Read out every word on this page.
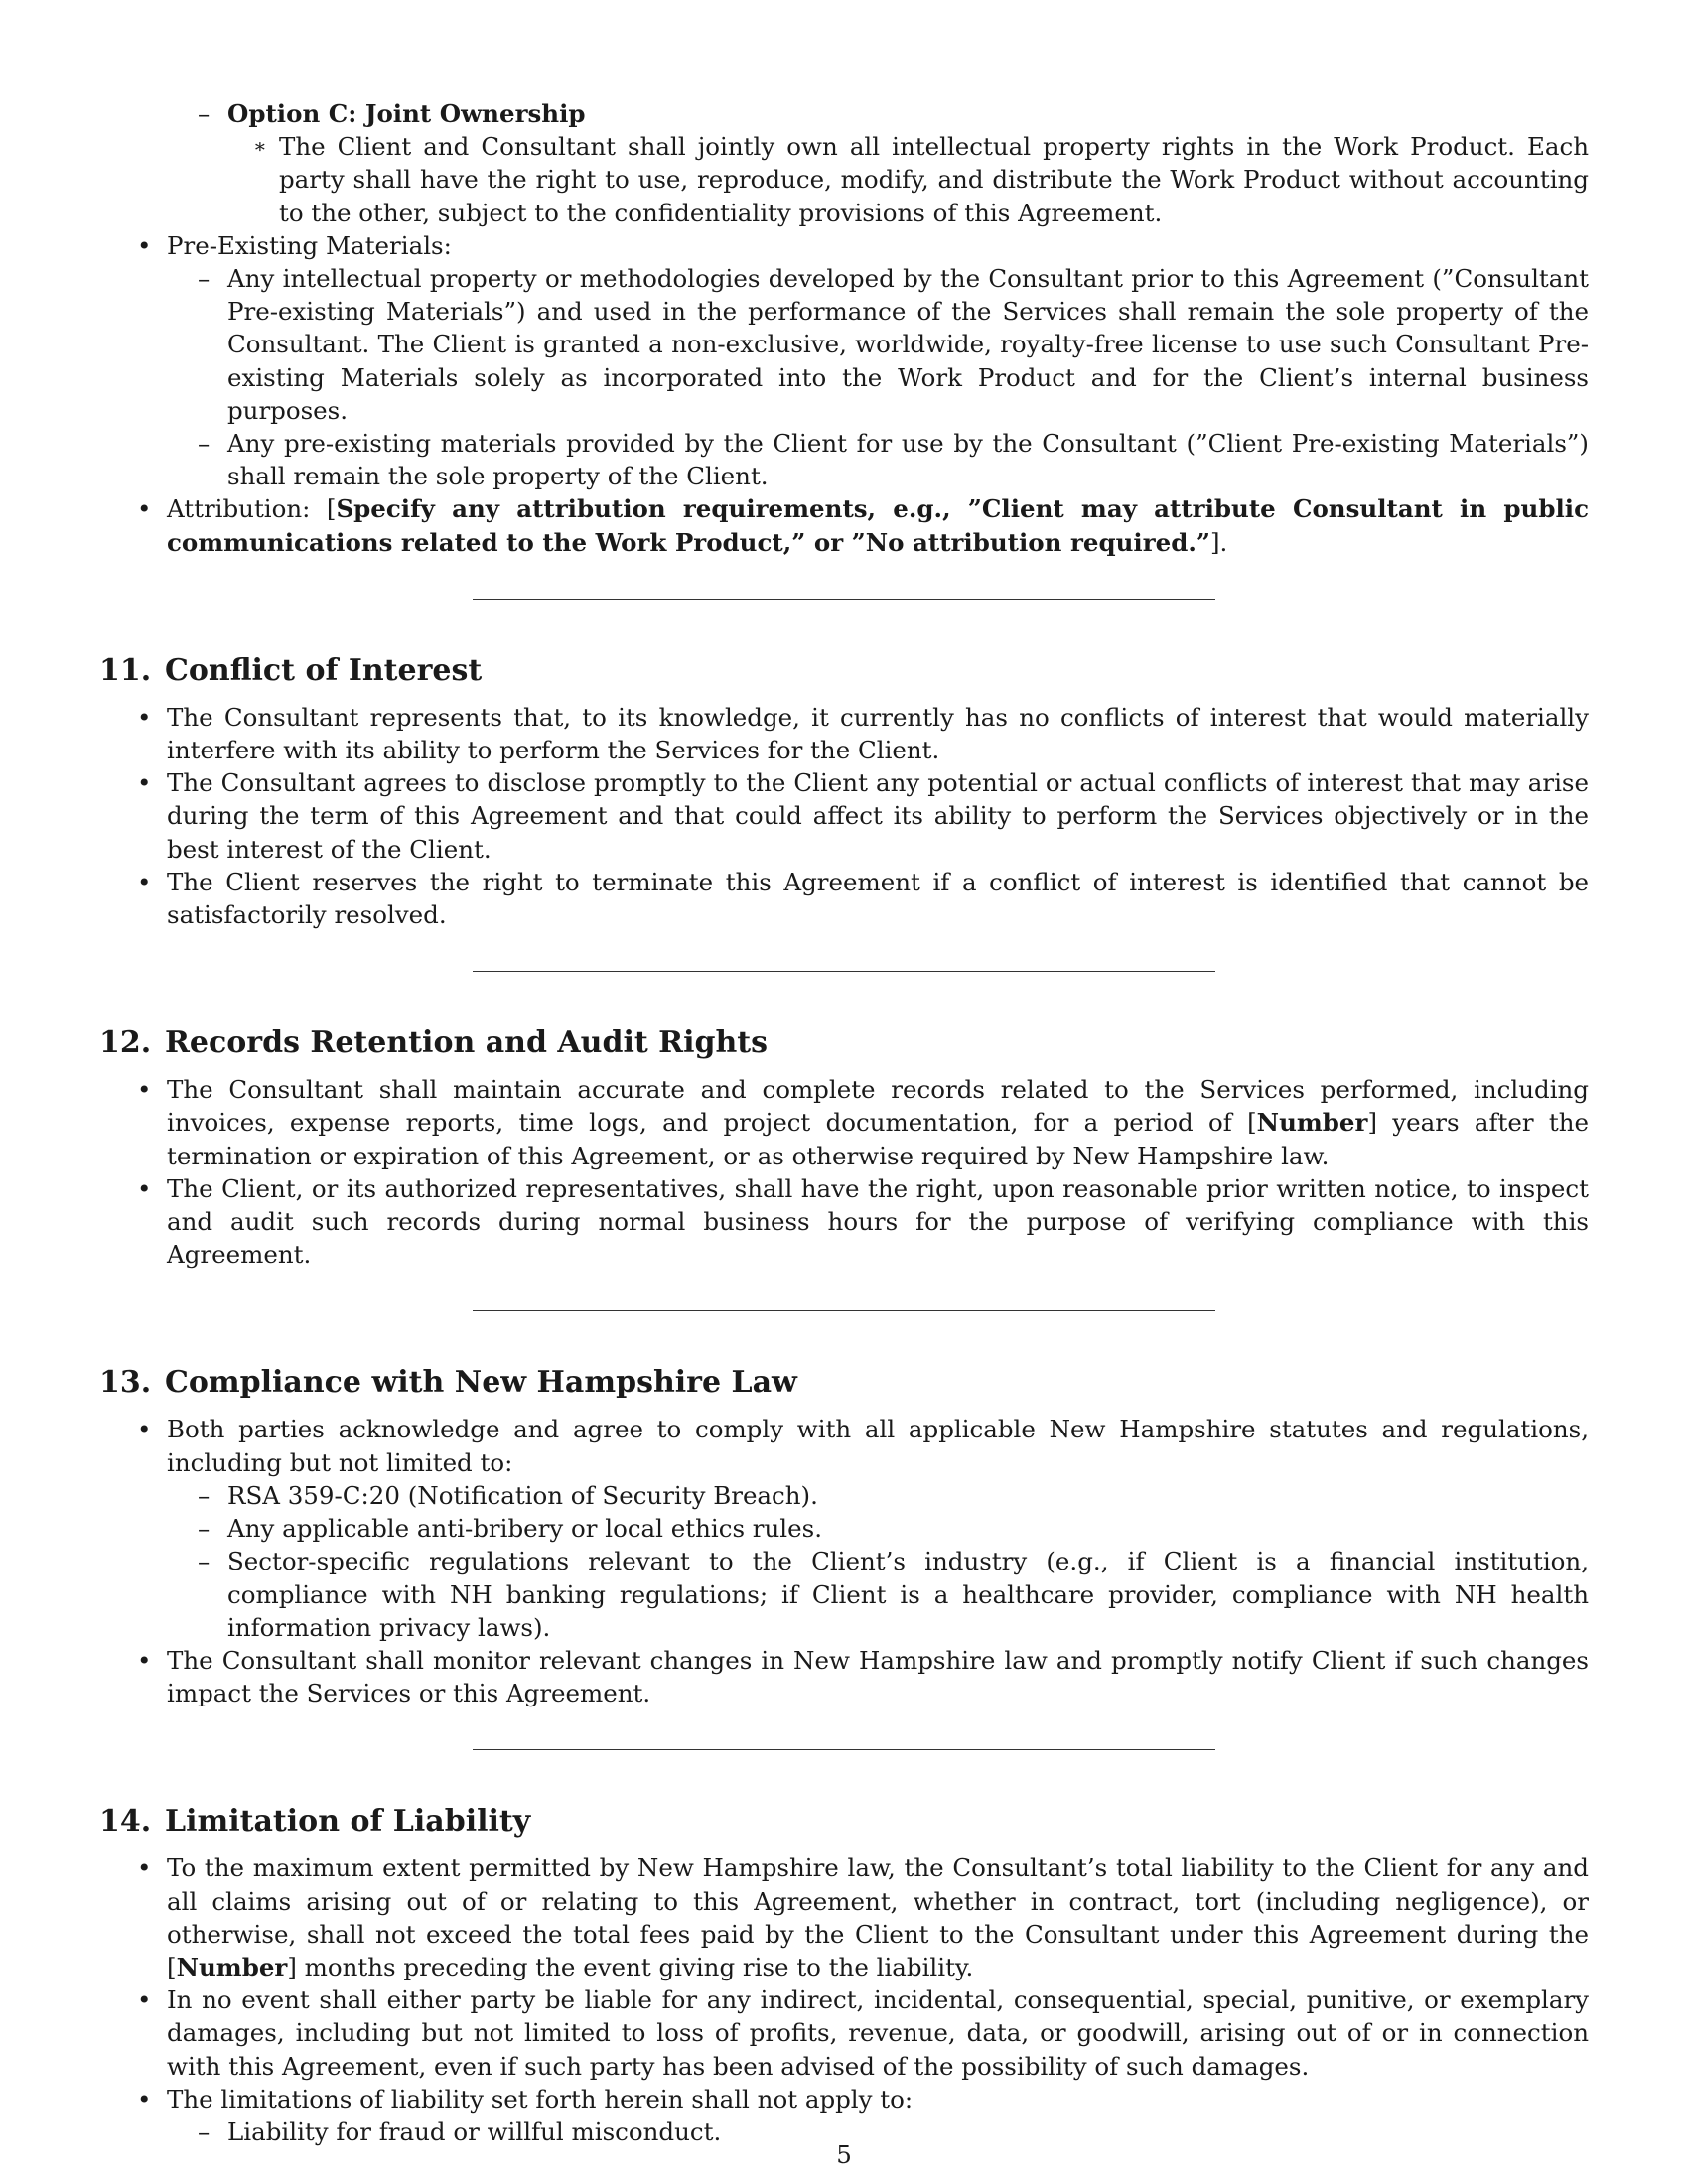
– Option C: Joint Ownership
∗ The Client and Consultant shall jointly own all intellectual property rights in the Work Product. Each party shall have the right to use, reproduce, modify, and distribute the Work Product without accounting to the other, subject to the confidentiality provisions of this Agreement.
• Pre-Existing Materials:
– Any intellectual property or methodologies developed by the Consultant prior to this Agreement (”Consultant Pre-existing Materials”) and used in the performance of the Services shall remain the sole property of the Consultant. The Client is granted a non-exclusive, worldwide, royalty-free license to use such Consultant Pre-existing Materials solely as incorporated into the Work Product and for the Client’s internal business purposes.
– Any pre-existing materials provided by the Client for use by the Consultant (”Client Pre-existing Materials”) shall remain the sole property of the Client.
• Attribution: [Specify any attribution requirements, e.g., ”Client may attribute Consultant in public communications related to the Work Product,” or ”No attribution required.”].
11. Conflict of Interest
• The Consultant represents that, to its knowledge, it currently has no conflicts of interest that would materially interfere with its ability to perform the Services for the Client.
• The Consultant agrees to disclose promptly to the Client any potential or actual conflicts of interest that may arise during the term of this Agreement and that could affect its ability to perform the Services objectively or in the best interest of the Client.
• The Client reserves the right to terminate this Agreement if a conflict of interest is identified that cannot be satisfactorily resolved.
12. Records Retention and Audit Rights
• The Consultant shall maintain accurate and complete records related to the Services performed, including invoices, expense reports, time logs, and project documentation, for a period of [Number] years after the termination or expiration of this Agreement, or as otherwise required by New Hampshire law.
• The Client, or its authorized representatives, shall have the right, upon reasonable prior written notice, to inspect and audit such records during normal business hours for the purpose of verifying compliance with this Agreement.
13. Compliance with New Hampshire Law
• Both parties acknowledge and agree to comply with all applicable New Hampshire statutes and regulations, including but not limited to:
– RSA 359-C:20 (Notification of Security Breach).
– Any applicable anti-bribery or local ethics rules.
– Sector-specific regulations relevant to the Client’s industry (e.g., if Client is a financial institution, compliance with NH banking regulations; if Client is a healthcare provider, compliance with NH health information privacy laws).
• The Consultant shall monitor relevant changes in New Hampshire law and promptly notify Client if such changes impact the Services or this Agreement.
14. Limitation of Liability
• To the maximum extent permitted by New Hampshire law, the Consultant’s total liability to the Client for any and all claims arising out of or relating to this Agreement, whether in contract, tort (including negligence), or otherwise, shall not exceed the total fees paid by the Client to the Consultant under this Agreement during the [Number] months preceding the event giving rise to the liability.
• In no event shall either party be liable for any indirect, incidental, consequential, special, punitive, or exemplary damages, including but not limited to loss of profits, revenue, data, or goodwill, arising out of or in connection with this Agreement, even if such party has been advised of the possibility of such damages.
• The limitations of liability set forth herein shall not apply to:
– Liability for fraud or willful misconduct.
5
